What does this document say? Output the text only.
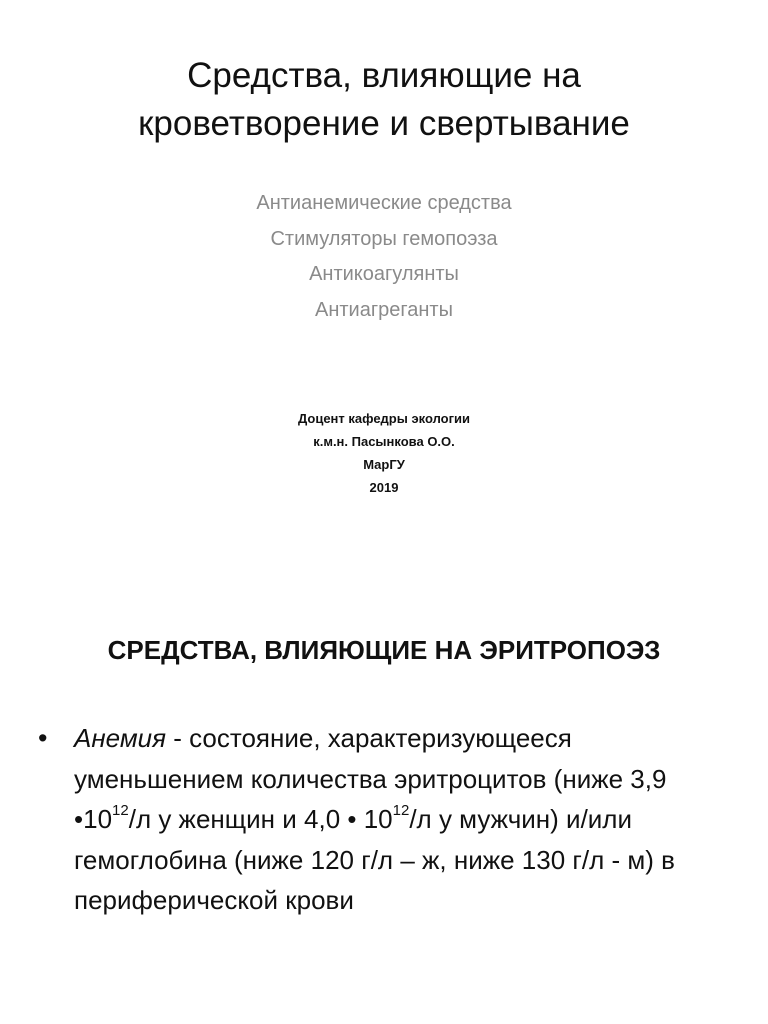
Средства, влияющие на
кроветворение и свертывание
Антианемические средства
Стимуляторы гемопоэза
Антикоагулянты
Антиагреганты
Доцент кафедры экологии
к.м.н. Пасынкова О.О.
МарГУ
2019
СРЕДСТВА, ВЛИЯЮЩИЕ НА ЭРИТРОПОЭЗ
• Анемия - состояние, характеризующееся уменьшением количества эритроцитов (ниже 3,9 $•10^{12}/л$ у женщин и 4,0 • $10^{12}/л$ у мужчин) и/или гемоглобина (ниже 120 г/л – ж, ниже 130 г/л - м) в периферической крови
